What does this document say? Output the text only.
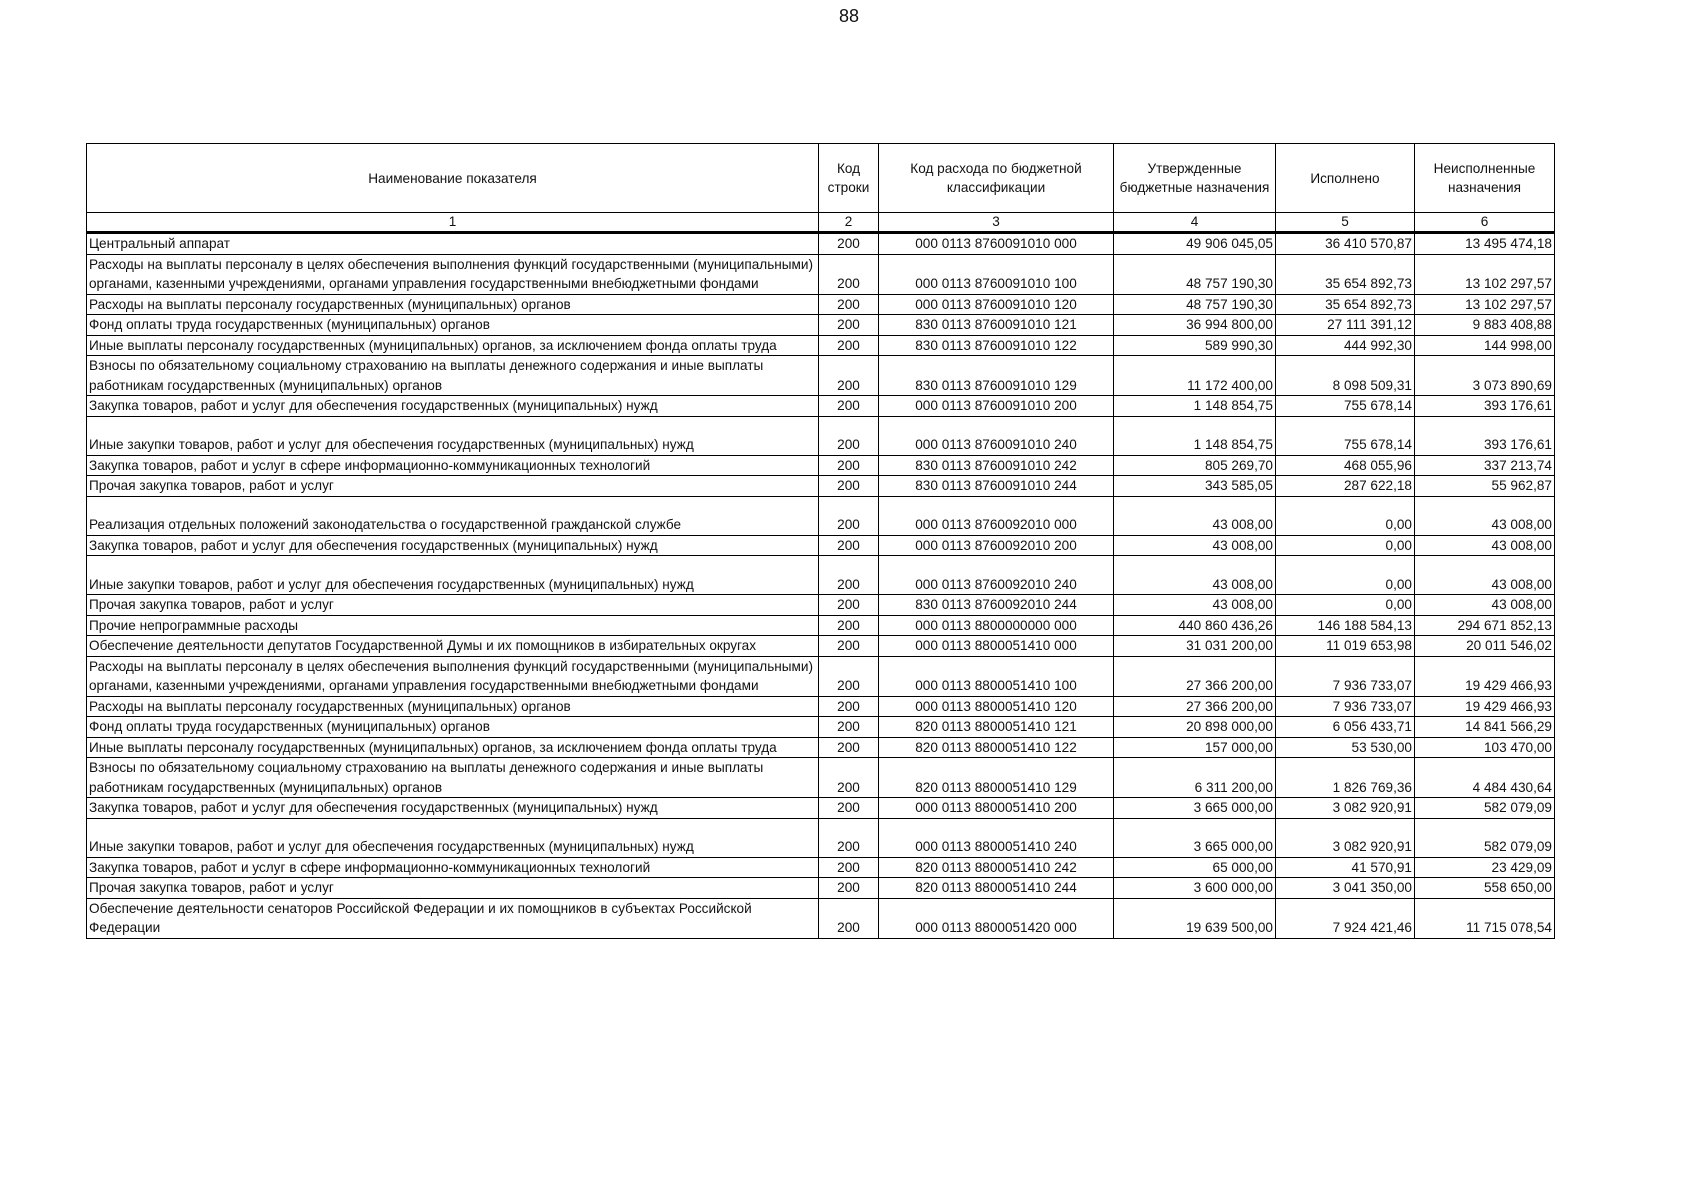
88
Наименование показателя	Код строки	Код расхода по бюджетной классификации	Утвержденные бюджетные назначения	Исполнено	Неисполненные назначения
1	2	3	4	5	6
Центральный аппарат	200	000 0113 8760091010 000	49 906 045,05	36 410 570,87	13 495 474,18
Расходы на выплаты персоналу в целях обеспечения выполнения функций государственными (муниципальными) органами, казенными учреждениями, органами управления государственными внебюджетными фондами	200	000 0113 8760091010 100	48 757 190,30	35 654 892,73	13 102 297,57
Расходы на выплаты персоналу государственных (муниципальных) органов	200	000 0113 8760091010 120	48 757 190,30	35 654 892,73	13 102 297,57
Фонд оплаты труда государственных (муниципальных) органов	200	830 0113 8760091010 121	36 994 800,00	27 111 391,12	9 883 408,88
Иные выплаты персоналу государственных (муниципальных) органов, за исключением фонда оплаты труда	200	830 0113 8760091010 122	589 990,30	444 992,30	144 998,00
Взносы по обязательному социальному страхованию на выплаты денежного содержания и иные выплаты работникам государственных (муниципальных) органов	200	830 0113 8760091010 129	11 172 400,00	8 098 509,31	3 073 890,69
Закупка товаров, работ и услуг для обеспечения государственных (муниципальных) нужд	200	000 0113 8760091010 200	1 148 854,75	755 678,14	393 176,61
Иные закупки товаров, работ и услуг для обеспечения государственных (муниципальных) нужд	200	000 0113 8760091010 240	1 148 854,75	755 678,14	393 176,61
Закупка товаров, работ и услуг в сфере информационно-коммуникационных технологий	200	830 0113 8760091010 242	805 269,70	468 055,96	337 213,74
Прочая закупка товаров, работ и услуг	200	830 0113 8760091010 244	343 585,05	287 622,18	55 962,87
Реализация отдельных положений законодательства о государственной гражданской службе	200	000 0113 8760092010 000	43 008,00	0,00	43 008,00
Закупка товаров, работ и услуг для обеспечения государственных (муниципальных) нужд	200	000 0113 8760092010 200	43 008,00	0,00	43 008,00
Иные закупки товаров, работ и услуг для обеспечения государственных (муниципальных) нужд	200	000 0113 8760092010 240	43 008,00	0,00	43 008,00
Прочая закупка товаров, работ и услуг	200	830 0113 8760092010 244	43 008,00	0,00	43 008,00
Прочие непрограммные расходы	200	000 0113 8800000000 000	440 860 436,26	146 188 584,13	294 671 852,13
Обеспечение деятельности депутатов Государственной Думы и их помощников в избирательных округах	200	000 0113 8800051410 000	31 031 200,00	11 019 653,98	20 011 546,02
Расходы на выплаты персоналу в целях обеспечения выполнения функций государственными (муниципальными) органами, казенными учреждениями, органами управления государственными внебюджетными фондами	200	000 0113 8800051410 100	27 366 200,00	7 936 733,07	19 429 466,93
Расходы на выплаты персоналу государственных (муниципальных) органов	200	000 0113 8800051410 120	27 366 200,00	7 936 733,07	19 429 466,93
Фонд оплаты труда государственных (муниципальных) органов	200	820 0113 8800051410 121	20 898 000,00	6 056 433,71	14 841 566,29
Иные выплаты персоналу государственных (муниципальных) органов, за исключением фонда оплаты труда	200	820 0113 8800051410 122	157 000,00	53 530,00	103 470,00
Взносы по обязательному социальному страхованию на выплаты денежного содержания и иные выплаты работникам государственных (муниципальных) органов	200	820 0113 8800051410 129	6 311 200,00	1 826 769,36	4 484 430,64
Закупка товаров, работ и услуг для обеспечения государственных (муниципальных) нужд	200	000 0113 8800051410 200	3 665 000,00	3 082 920,91	582 079,09
Иные закупки товаров, работ и услуг для обеспечения государственных (муниципальных) нужд	200	000 0113 8800051410 240	3 665 000,00	3 082 920,91	582 079,09
Закупка товаров, работ и услуг в сфере информационно-коммуникационных технологий	200	820 0113 8800051410 242	65 000,00	41 570,91	23 429,09
Прочая закупка товаров, работ и услуг	200	820 0113 8800051410 244	3 600 000,00	3 041 350,00	558 650,00
Обеспечение деятельности сенаторов Российской Федерации и их помощников в субъектах Российской Федерации	200	000 0113 8800051420 000	19 639 500,00	7 924 421,46	11 715 078,54
